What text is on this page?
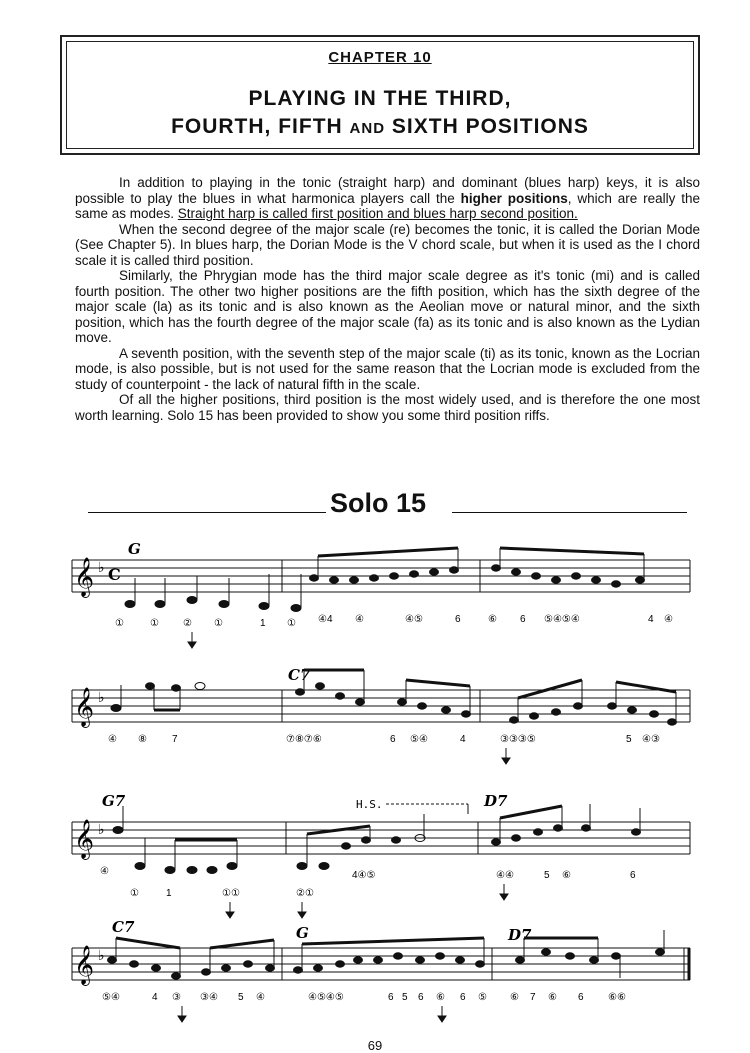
CHAPTER 10
PLAYING IN THE THIRD,
FOURTH, FIFTH AND SIXTH POSITIONS

In addition to playing in the tonic (straight harp) and dominant (blues harp) keys, it is also possible to play the blues in what harmonica players call the higher positions, which are really the same as modes. Straight harp is called first position and blues harp second position.

When the second degree of the major scale (re) becomes the tonic, it is called the Dorian Mode (See Chapter 5). In blues harp, the Dorian Mode is the V chord scale, but when it is used as the I chord scale it is called third position.

Similarly, the Phrygian mode has the third major scale degree as it's tonic (mi) and is called fourth position. The other two higher positions are the fifth position, which has the sixth degree of the major scale (la) as its tonic and is also known as the Aeolian move or natural minor, and the sixth position, which has the fourth degree of the major scale (fa) as its tonic and is also known as the Lydian move.

A seventh position, with the seventh step of the major scale (ti) as its tonic, known as the Locrian mode, is also possible, but is not used for the same reason that the Locrian mode is excluded from the study of counterpoint - the lack of natural fifth in the scale.

Of all the higher positions, third position is the most widely used, and is therefore the one most worth learning. Solo 15 has been provided to show you some third position riffs.

Solo 15
𝄞 ♭ C
G
①	① ② ①	1 ① ④4 ④	④⑤	6	⑥ 6 ⑤④⑤④	4 ④
𝄞 ♭
C7
④ ⑧	7	⑦⑧⑦⑥	6 ⑤④	4	③③③⑤	5 ④③
𝄞 ♭
G7	H.S.	D7
④
①	1	①①	②①
4④⑤	④④	5 ⑥	6
𝄞 ♭
C7	G	D7
⑤④	4 ③ ③④ 5 ④	④⑤④⑤	6 5 6 ⑥ 6 ⑤ ⑥ 7 ⑥ 6 ⑥⑥
69
